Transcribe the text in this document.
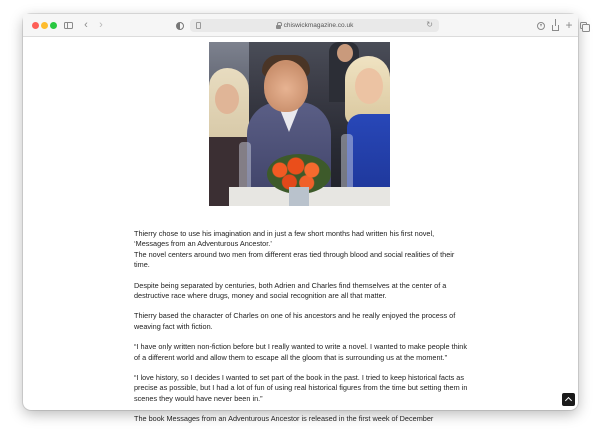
‹ ›	chiswickmagazine.co.uk	↻	+

Thierry chose to use his imagination and in just a few short months had written his first novel, ‘Messages from an Adventurous Ancestor.’
The novel centers around two men from different eras tied through blood and social realities of their time.

Despite being separated by centuries, both Adrien and Charles find themselves at the center of a destructive race where drugs, money and social recognition are all that matter.

Thierry based the character of Charles on one of his ancestors and he really enjoyed the process of weaving fact with fiction.

“I have only written non-fiction before but I really wanted to write a novel. I wanted to make people think of a different world and allow them to escape all the gloom that is surrounding us at the moment.”

“I love history, so I decides I wanted to set part of the book in the past. I tried to keep historical facts as precise as possible, but I had a lot of fun of using real historical figures from the time but setting them in scenes they would have never been in.”

The book Messages from an Adventurous Ancestor is released in the first week of December
